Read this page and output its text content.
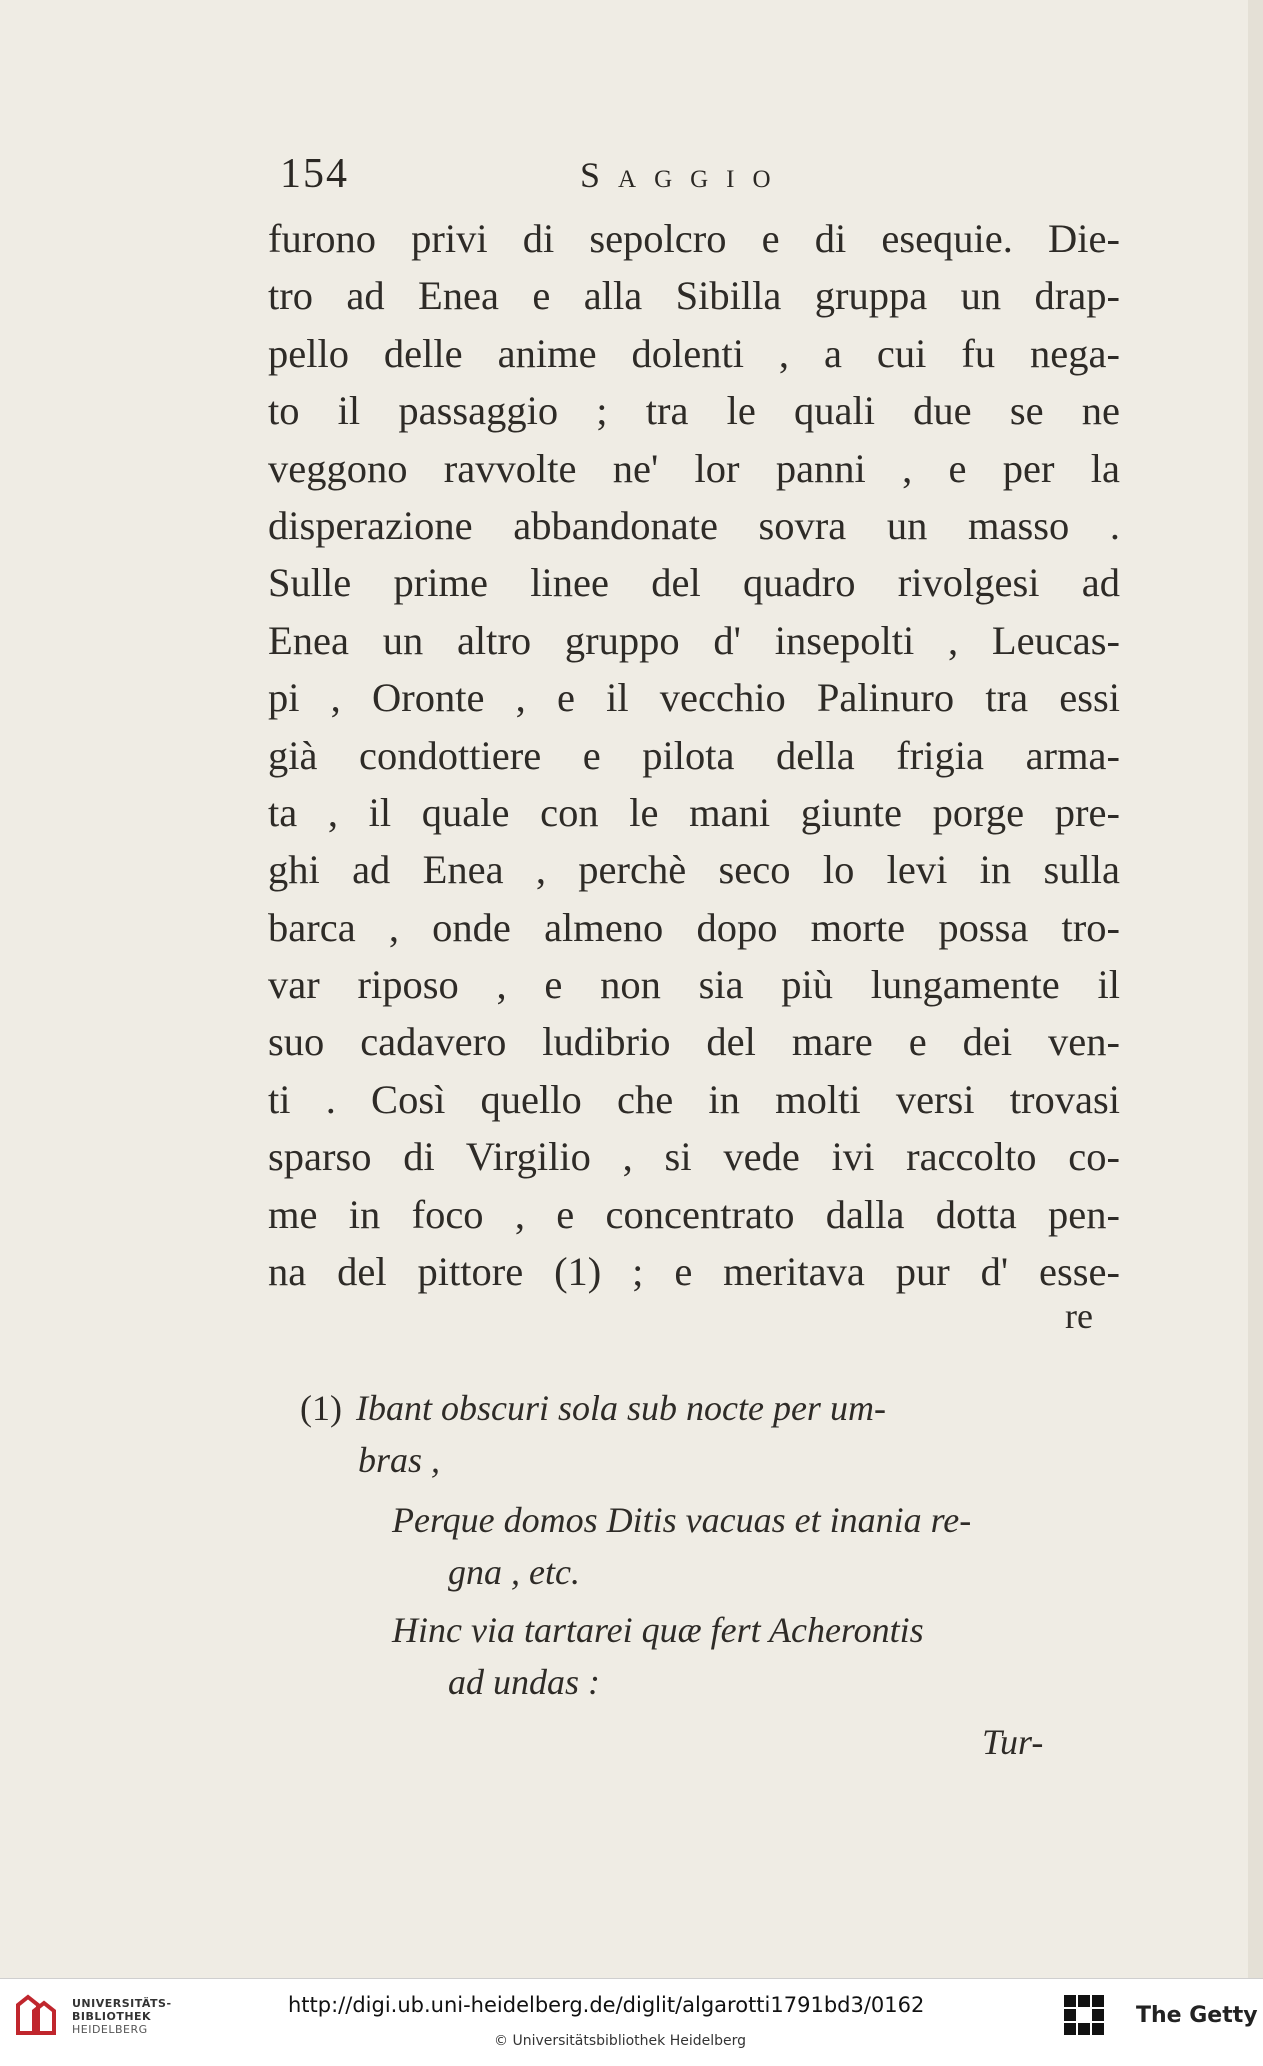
154	Saggio
furono privi di sepolcro e di esequie. Die-
tro ad Enea e alla Sibilla gruppa un drap-
pello delle anime dolenti , a cui fu nega-
to il passaggio ; tra le quali due se ne
veggono ravvolte ne' lor panni , e per la
disperazione abbandonate sovra un masso .
Sulle prime linee del quadro rivolgesi ad
Enea un altro gruppo d' insepolti , Leucas-
pi , Oronte , e il vecchio Palinuro tra essi
già condottiere e pilota della frigia arma-
ta , il quale con le mani giunte porge pre-
ghi ad Enea , perchè seco lo levi in sulla
barca , onde almeno dopo morte possa tro-
var riposo , e non sia più lungamente il
suo cadavero ludibrio del mare e dei ven-
ti . Così quello che in molti versi trovasi
sparso di Virgilio , si vede ivi raccolto co-
me in foco , e concentrato dalla dotta pen-
na del pittore (1) ; e meritava pur d' esse-
re
(1) Ibant obscuri sola sub nocte per um-
bras ,
Perque domos Ditis vacuas et inania re-
gna , etc.
Hinc via tartarei quæ fert Acherontis
ad undas :
Tur-
UNIVERSITÄTS-
BIBLIOTHEK
HEIDELBERG
http://digi.ub.uni-heidelberg.de/diglit/algarotti1791bd3/0162
© Universitätsbibliothek Heidelberg
The Getty
